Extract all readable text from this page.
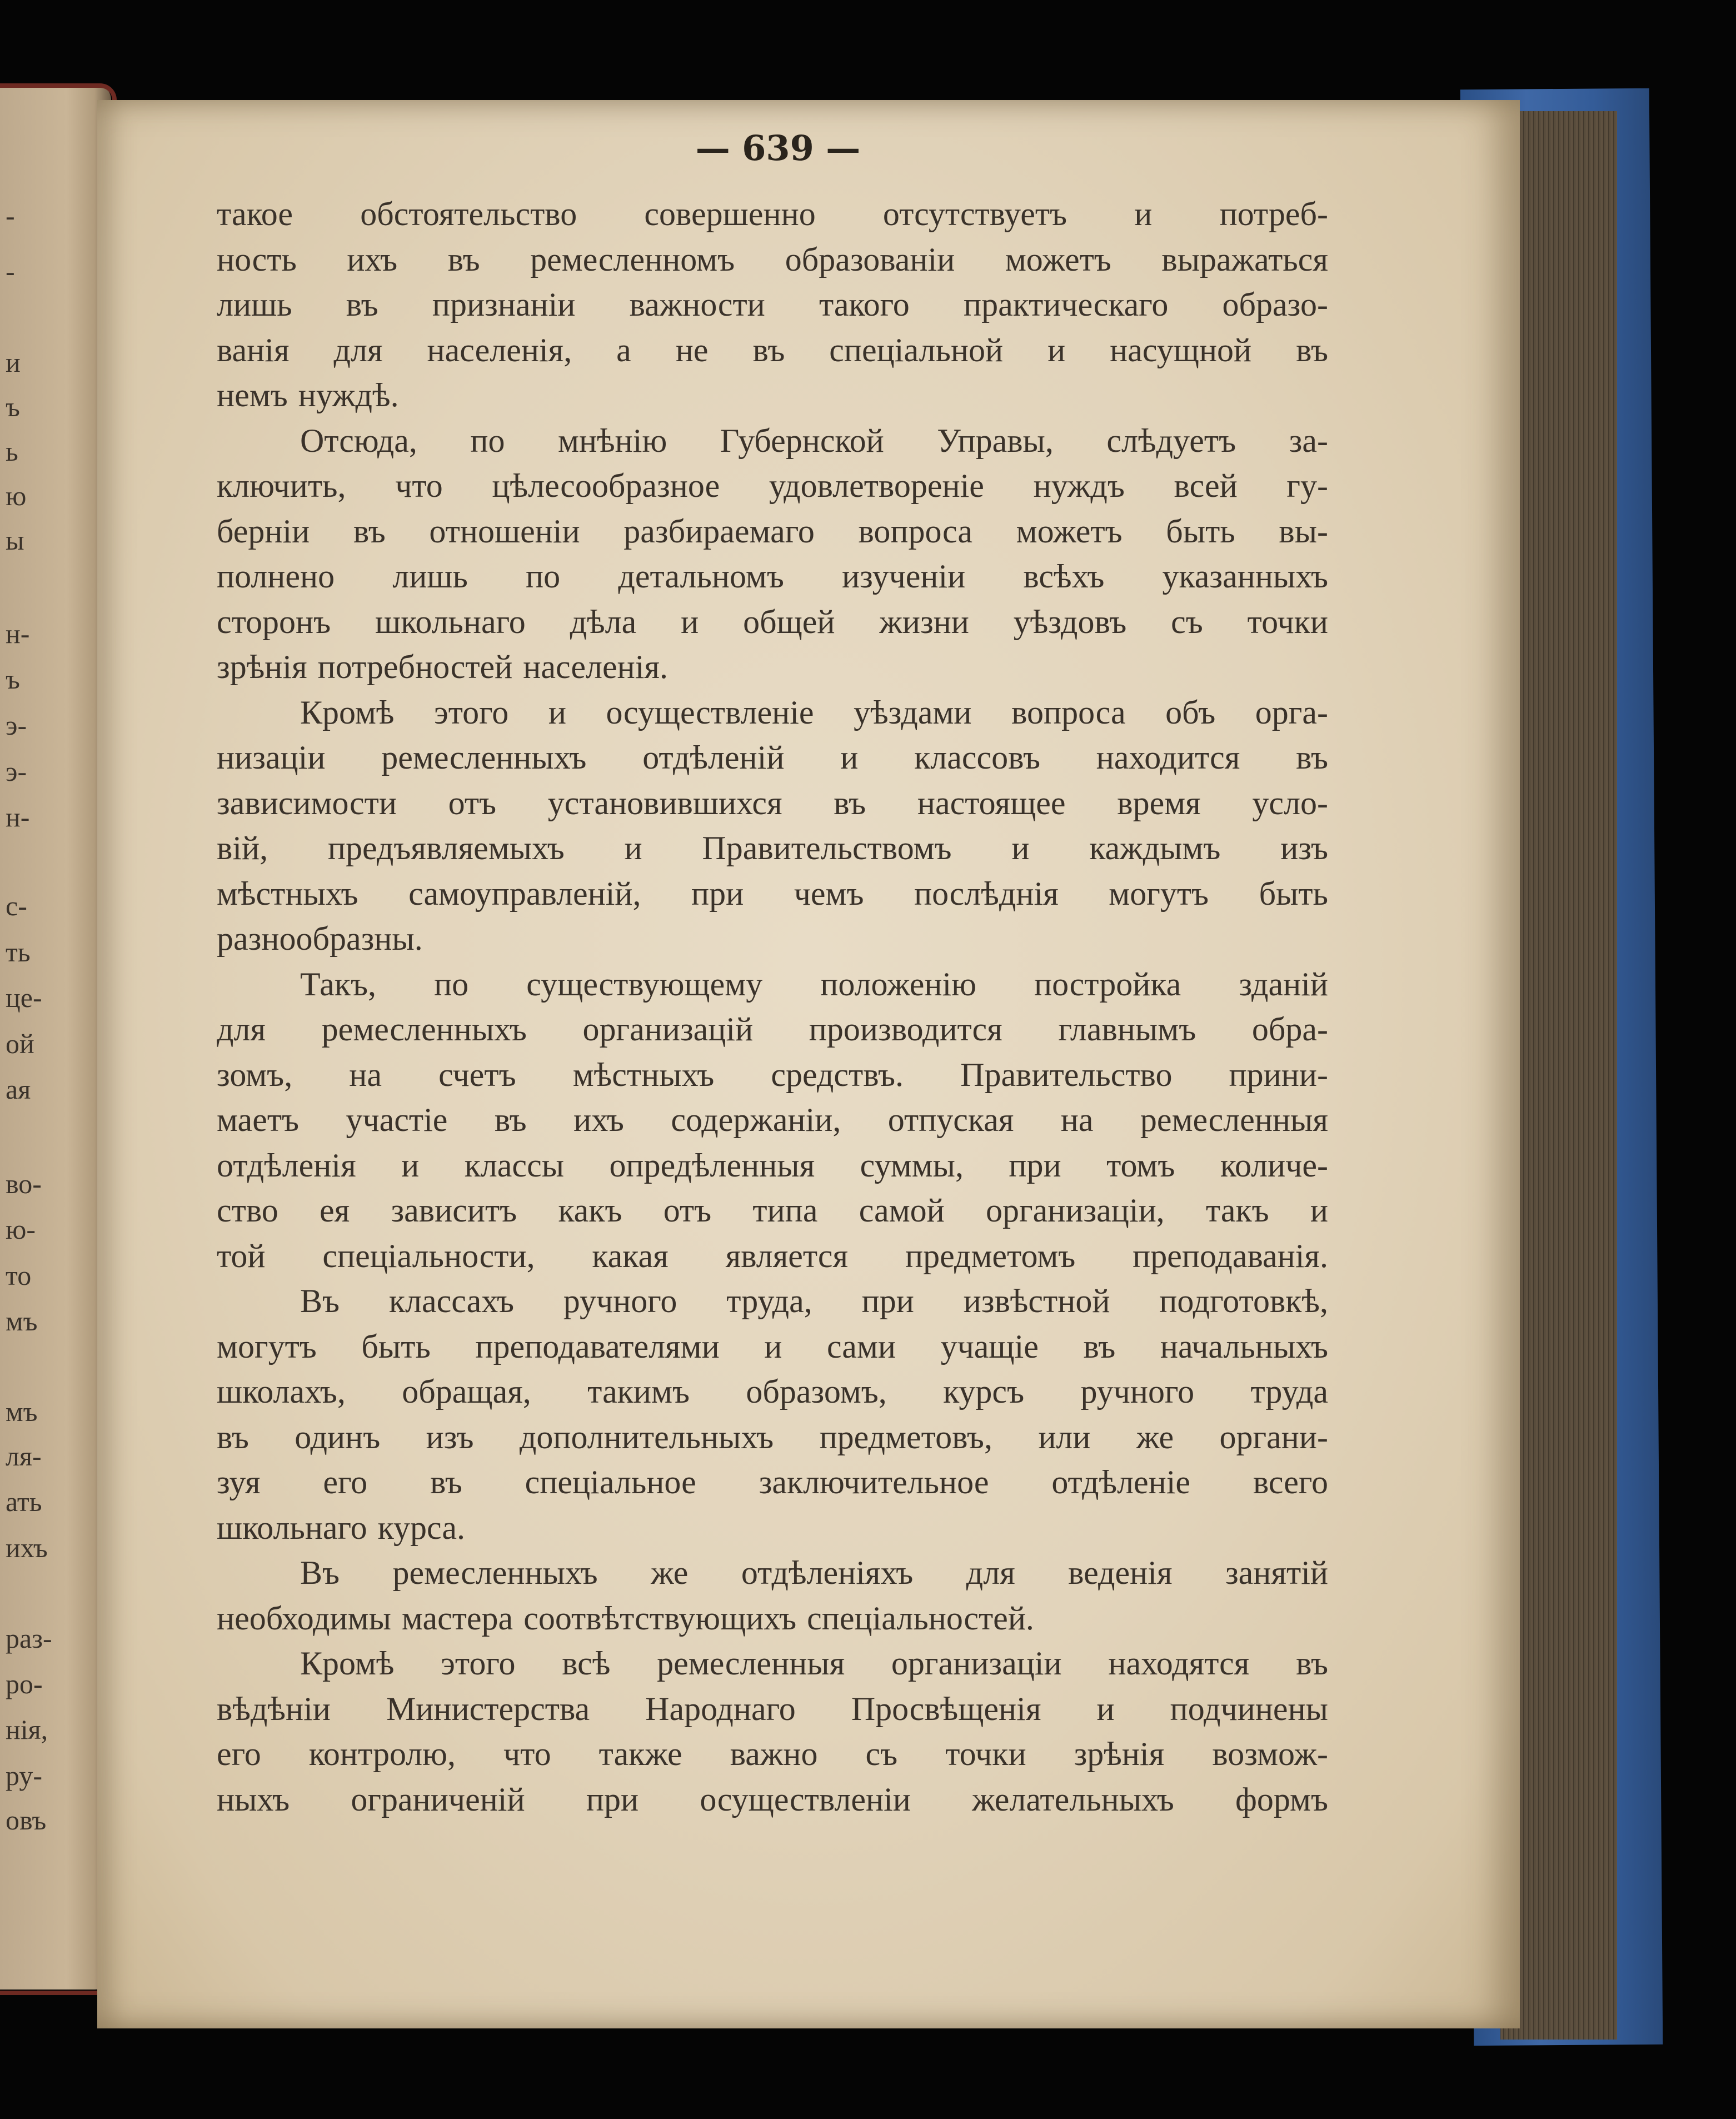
-
-
и
ъ
ь
ю
ы
н-
ъ
э-
э-
н-
с-
ть
це-
ой
ая
во-
ю-
то
мъ
мъ
ля-
ать
ихъ
раз-
ро-
нія,
ру-
овъ
— 639 —
такое обстоятельство совершенно отсутствуетъ и потреб-
ность ихъ въ ремесленномъ образованіи можетъ выражаться
лишь въ признаніи важности такого практическаго образо-
ванія для населенія, а не въ спеціальной и насущной въ
немъ нуждѣ.
Отсюда, по мнѣнію Губернской Управы, слѣдуетъ за-
ключить, что цѣлесообразное удовлетвореніе нуждъ всей гу-
берніи въ отношеніи разбираемаго вопроса можетъ быть вы-
полнено лишь по детальномъ изученіи всѣхъ указанныхъ
сторонъ школьнаго дѣла и общей жизни уѣздовъ съ точки
зрѣнія потребностей населенія.
Кромѣ этого и осуществленіе уѣздами вопроса объ орга-
низаціи ремесленныхъ отдѣленій и классовъ находится въ
зависимости отъ установившихся въ настоящее время усло-
вій, предъявляемыхъ и Правительствомъ и каждымъ изъ
мѣстныхъ самоуправленій, при чемъ послѣднія могутъ быть
разнообразны.
Такъ, по существующему положенію постройка зданій
для ремесленныхъ организацій производится главнымъ обра-
зомъ, на счетъ мѣстныхъ средствъ. Правительство прини-
маетъ участіе въ ихъ содержаніи, отпуская на ремесленныя
отдѣленія и классы опредѣленныя суммы, при томъ количе-
ство ея зависитъ какъ отъ типа самой организаціи, такъ и
той спеціальности, какая является предметомъ преподаванія.
Въ классахъ ручного труда, при извѣстной подготовкѣ,
могутъ быть преподавателями и сами учащіе въ начальныхъ
школахъ, обращая, такимъ образомъ, курсъ ручного труда
въ одинъ изъ дополнительныхъ предметовъ, или же органи-
зуя его въ спеціальное заключительное отдѣленіе всего
школьнаго курса.
Въ ремесленныхъ же отдѣленіяхъ для веденія занятій
необходимы мастера соотвѣтствующихъ спеціальностей.
Кромѣ этого всѣ ремесленныя организаціи находятся въ
вѣдѣніи Министерства Народнаго Просвѣщенія и подчинены
его контролю, что также важно съ точки зрѣнія возмож-
ныхъ ограниченій при осуществленіи желательныхъ формъ
